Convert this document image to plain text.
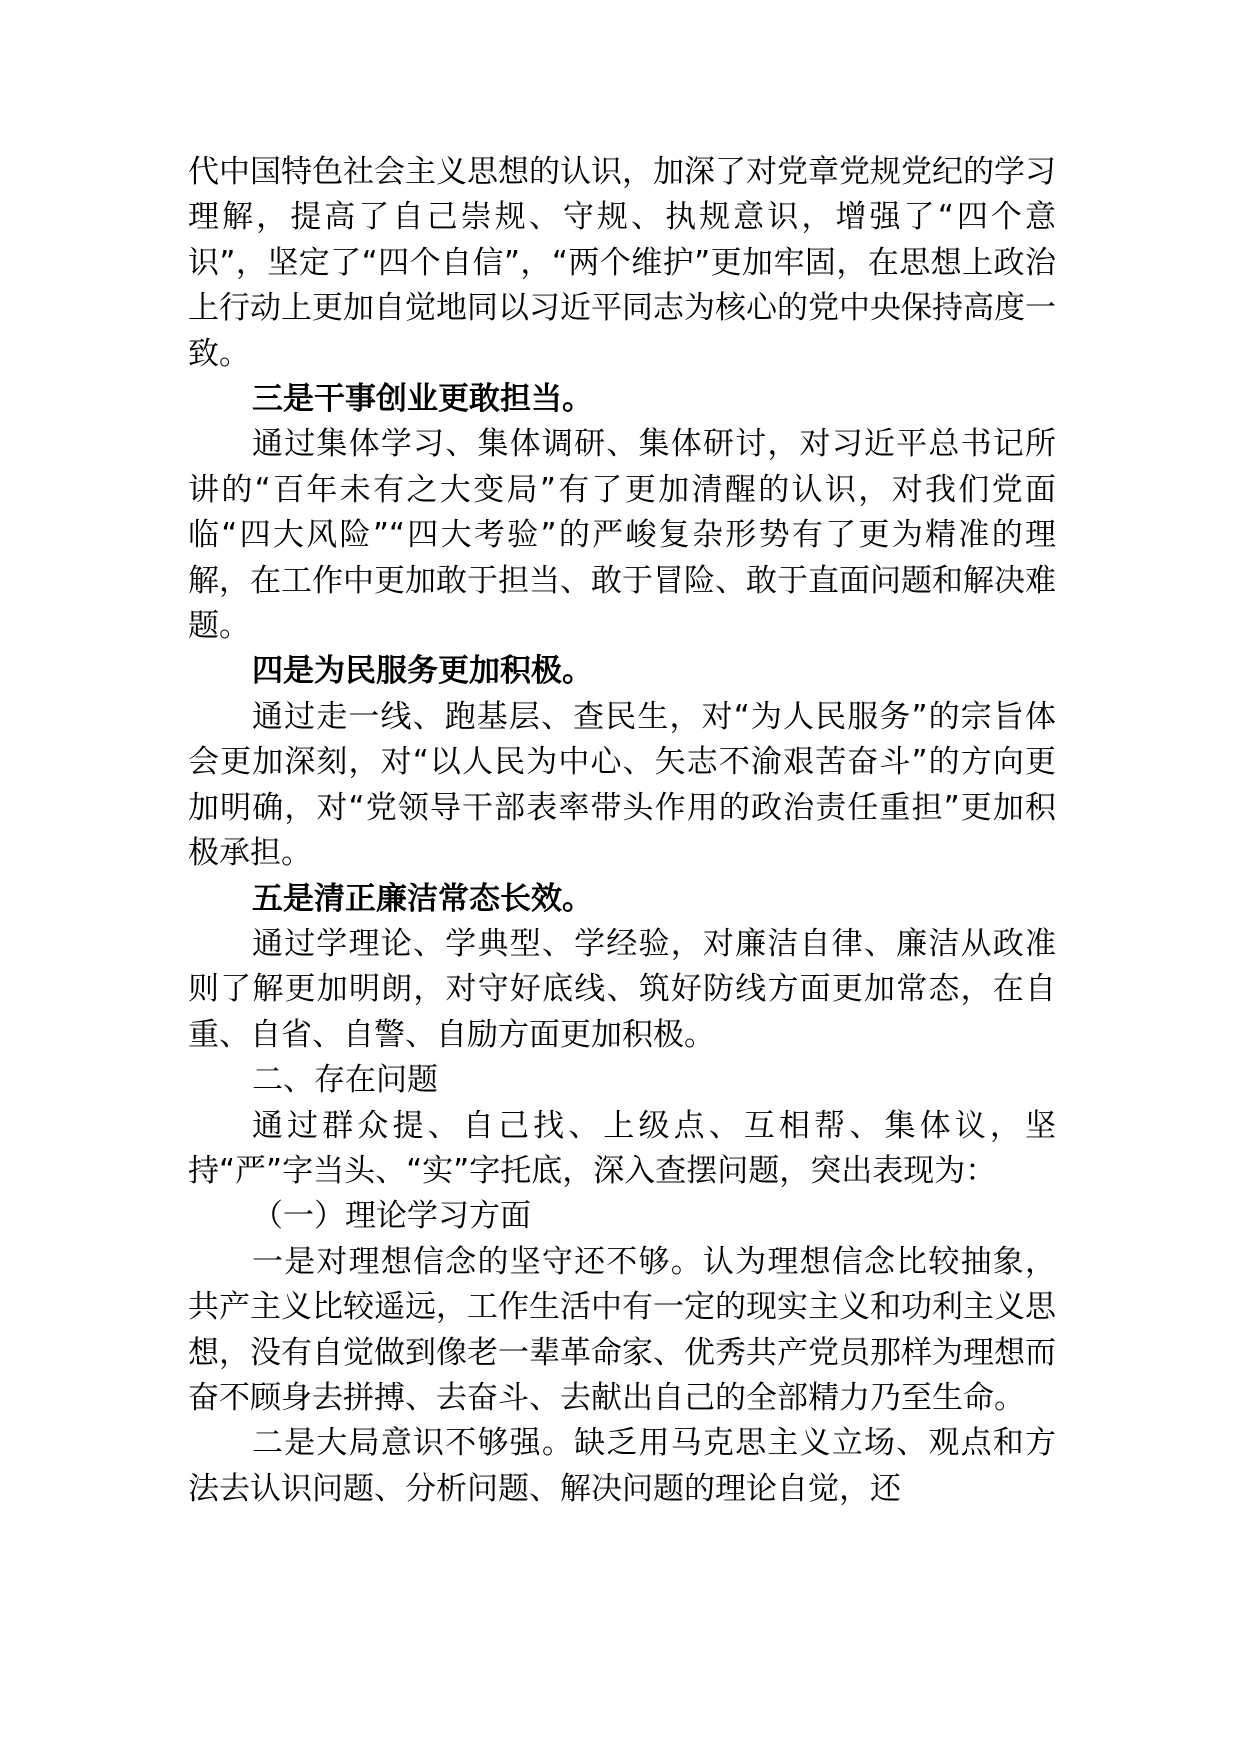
代中国特色社会主义思想的认识，加深了对党章党规党纪的学习理解，提高了自己崇规、守规、执规意识，增强了“四个意识”，坚定了“四个自信”，“两个维护”更加牢固，在思想上政治上行动上更加自觉地同以习近平同志为核心的党中央保持高度一致。

三是干事创业更敢担当。

通过集体学习、集体调研、集体研讨，对习近平总书记所讲的“百年未有之大变局”有了更加清醒的认识，对我们党面临“四大风险”“四大考验”的严峻复杂形势有了更为精准的理解，在工作中更加敢于担当、敢于冒险、敢于直面问题和解决难题。

四是为民服务更加积极。

通过走一线、跑基层、查民生，对“为人民服务”的宗旨体会更加深刻，对“以人民为中心、矢志不渝艰苦奋斗”的方向更加明确，对“党领导干部表率带头作用的政治责任重担”更加积极承担。

五是清正廉洁常态长效。

通过学理论、学典型、学经验，对廉洁自律、廉洁从政准则了解更加明朗，对守好底线、筑好防线方面更加常态，在自重、自省、自警、自励方面更加积极。

二、存在问题

通过群众提、自己找、上级点、互相帮、集体议，坚持“严”字当头、“实”字托底，深入查摆问题，突出表现为：

（一）理论学习方面

一是对理想信念的坚守还不够。认为理想信念比较抽象，共产主义比较遥远，工作生活中有一定的现实主义和功利主义思想，没有自觉做到像老一辈革命家、优秀共产党员那样为理想而奋不顾身去拼搏、去奋斗、去献出自己的全部精力乃至生命。

二是大局意识不够强。缺乏用马克思主义立场、观点和方法去认识问题、分析问题、解决问题的理论自觉，还
